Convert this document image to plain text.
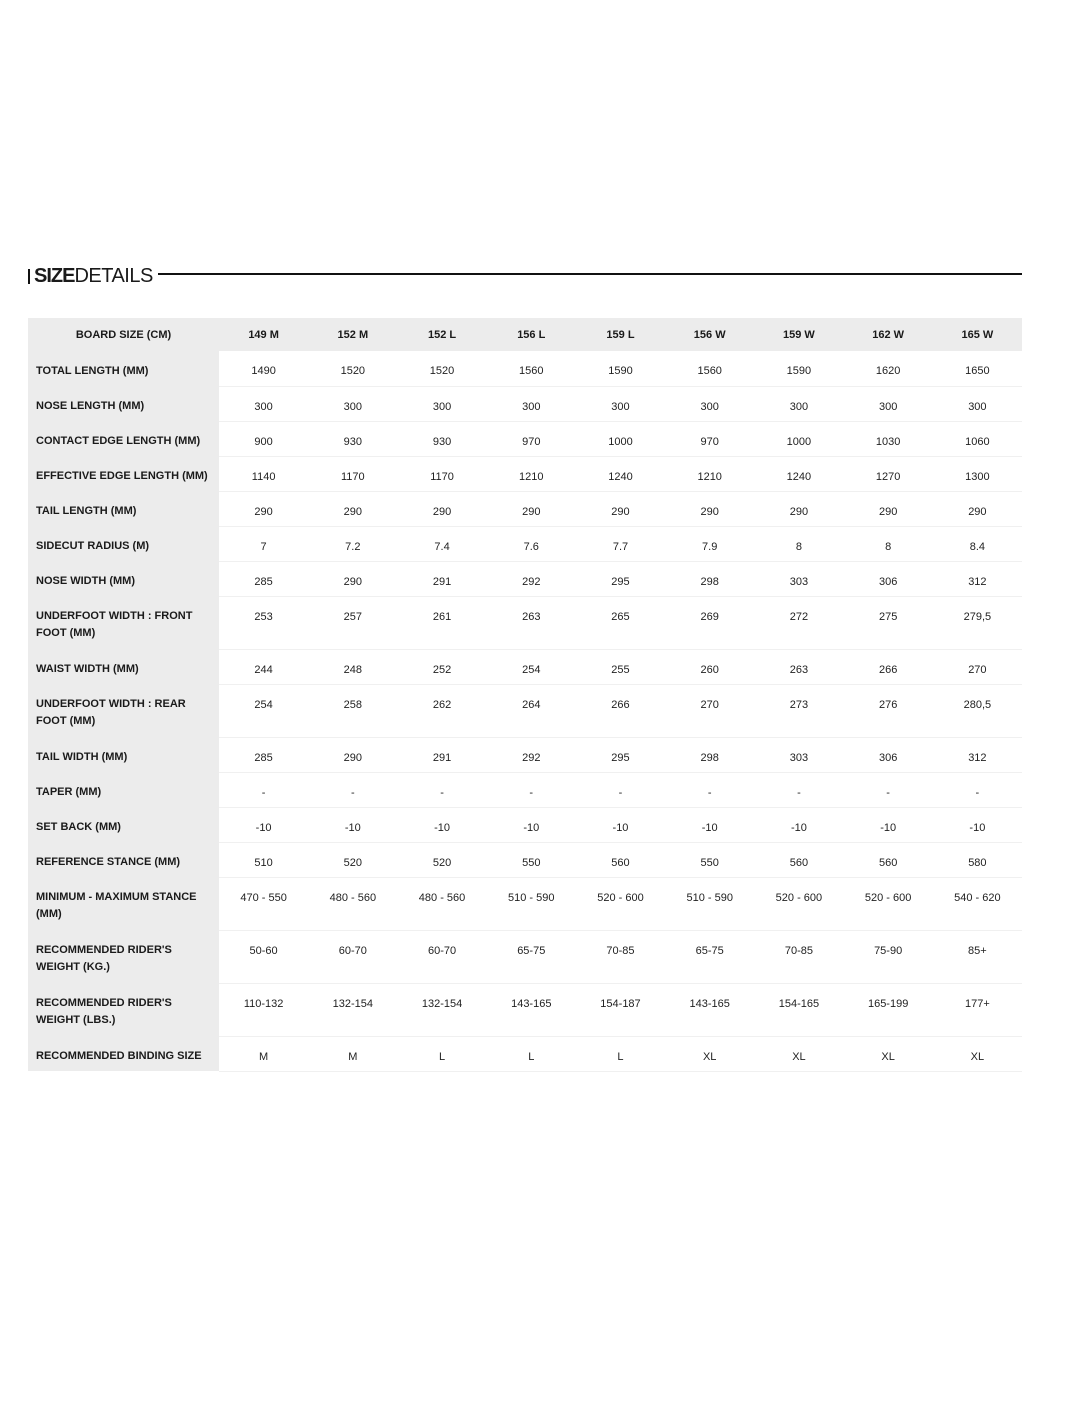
SIZEDETAILS
BOARD SIZE (CM)	149 M	152 M	152 L	156 L	159 L	156 W	159 W	162 W	165 W
TOTAL LENGTH (MM)	1490	1520	1520	1560	1590	1560	1590	1620	1650
NOSE LENGTH (MM)	300	300	300	300	300	300	300	300	300
CONTACT EDGE LENGTH (MM)	900	930	930	970	1000	970	1000	1030	1060
EFFECTIVE EDGE LENGTH (MM)	1140	1170	1170	1210	1240	1210	1240	1270	1300
TAIL LENGTH (MM)	290	290	290	290	290	290	290	290	290
SIDECUT RADIUS (M)	7	7.2	7.4	7.6	7.7	7.9	8	8	8.4
NOSE WIDTH (MM)	285	290	291	292	295	298	303	306	312
UNDERFOOT WIDTH : FRONT FOOT (MM)	253	257	261	263	265	269	272	275	279,5
WAIST WIDTH (MM)	244	248	252	254	255	260	263	266	270
UNDERFOOT WIDTH : REAR FOOT (MM)	254	258	262	264	266	270	273	276	280,5
TAIL WIDTH (MM)	285	290	291	292	295	298	303	306	312
TAPER (MM)	-	-	-	-	-	-	-	-	-
SET BACK (MM)	-10	-10	-10	-10	-10	-10	-10	-10	-10
REFERENCE STANCE (MM)	510	520	520	550	560	550	560	560	580
MINIMUM - MAXIMUM STANCE (MM)	470 - 550	480 - 560	480 - 560	510 - 590	520 - 600	510 - 590	520 - 600	520 - 600	540 - 620
RECOMMENDED RIDER'S WEIGHT (KG.)	50-60	60-70	60-70	65-75	70-85	65-75	70-85	75-90	85+
RECOMMENDED RIDER'S WEIGHT (LBS.)	110-132	132-154	132-154	143-165	154-187	143-165	154-165	165-199	177+
RECOMMENDED BINDING SIZE	M	M	L	L	L	XL	XL	XL	XL
